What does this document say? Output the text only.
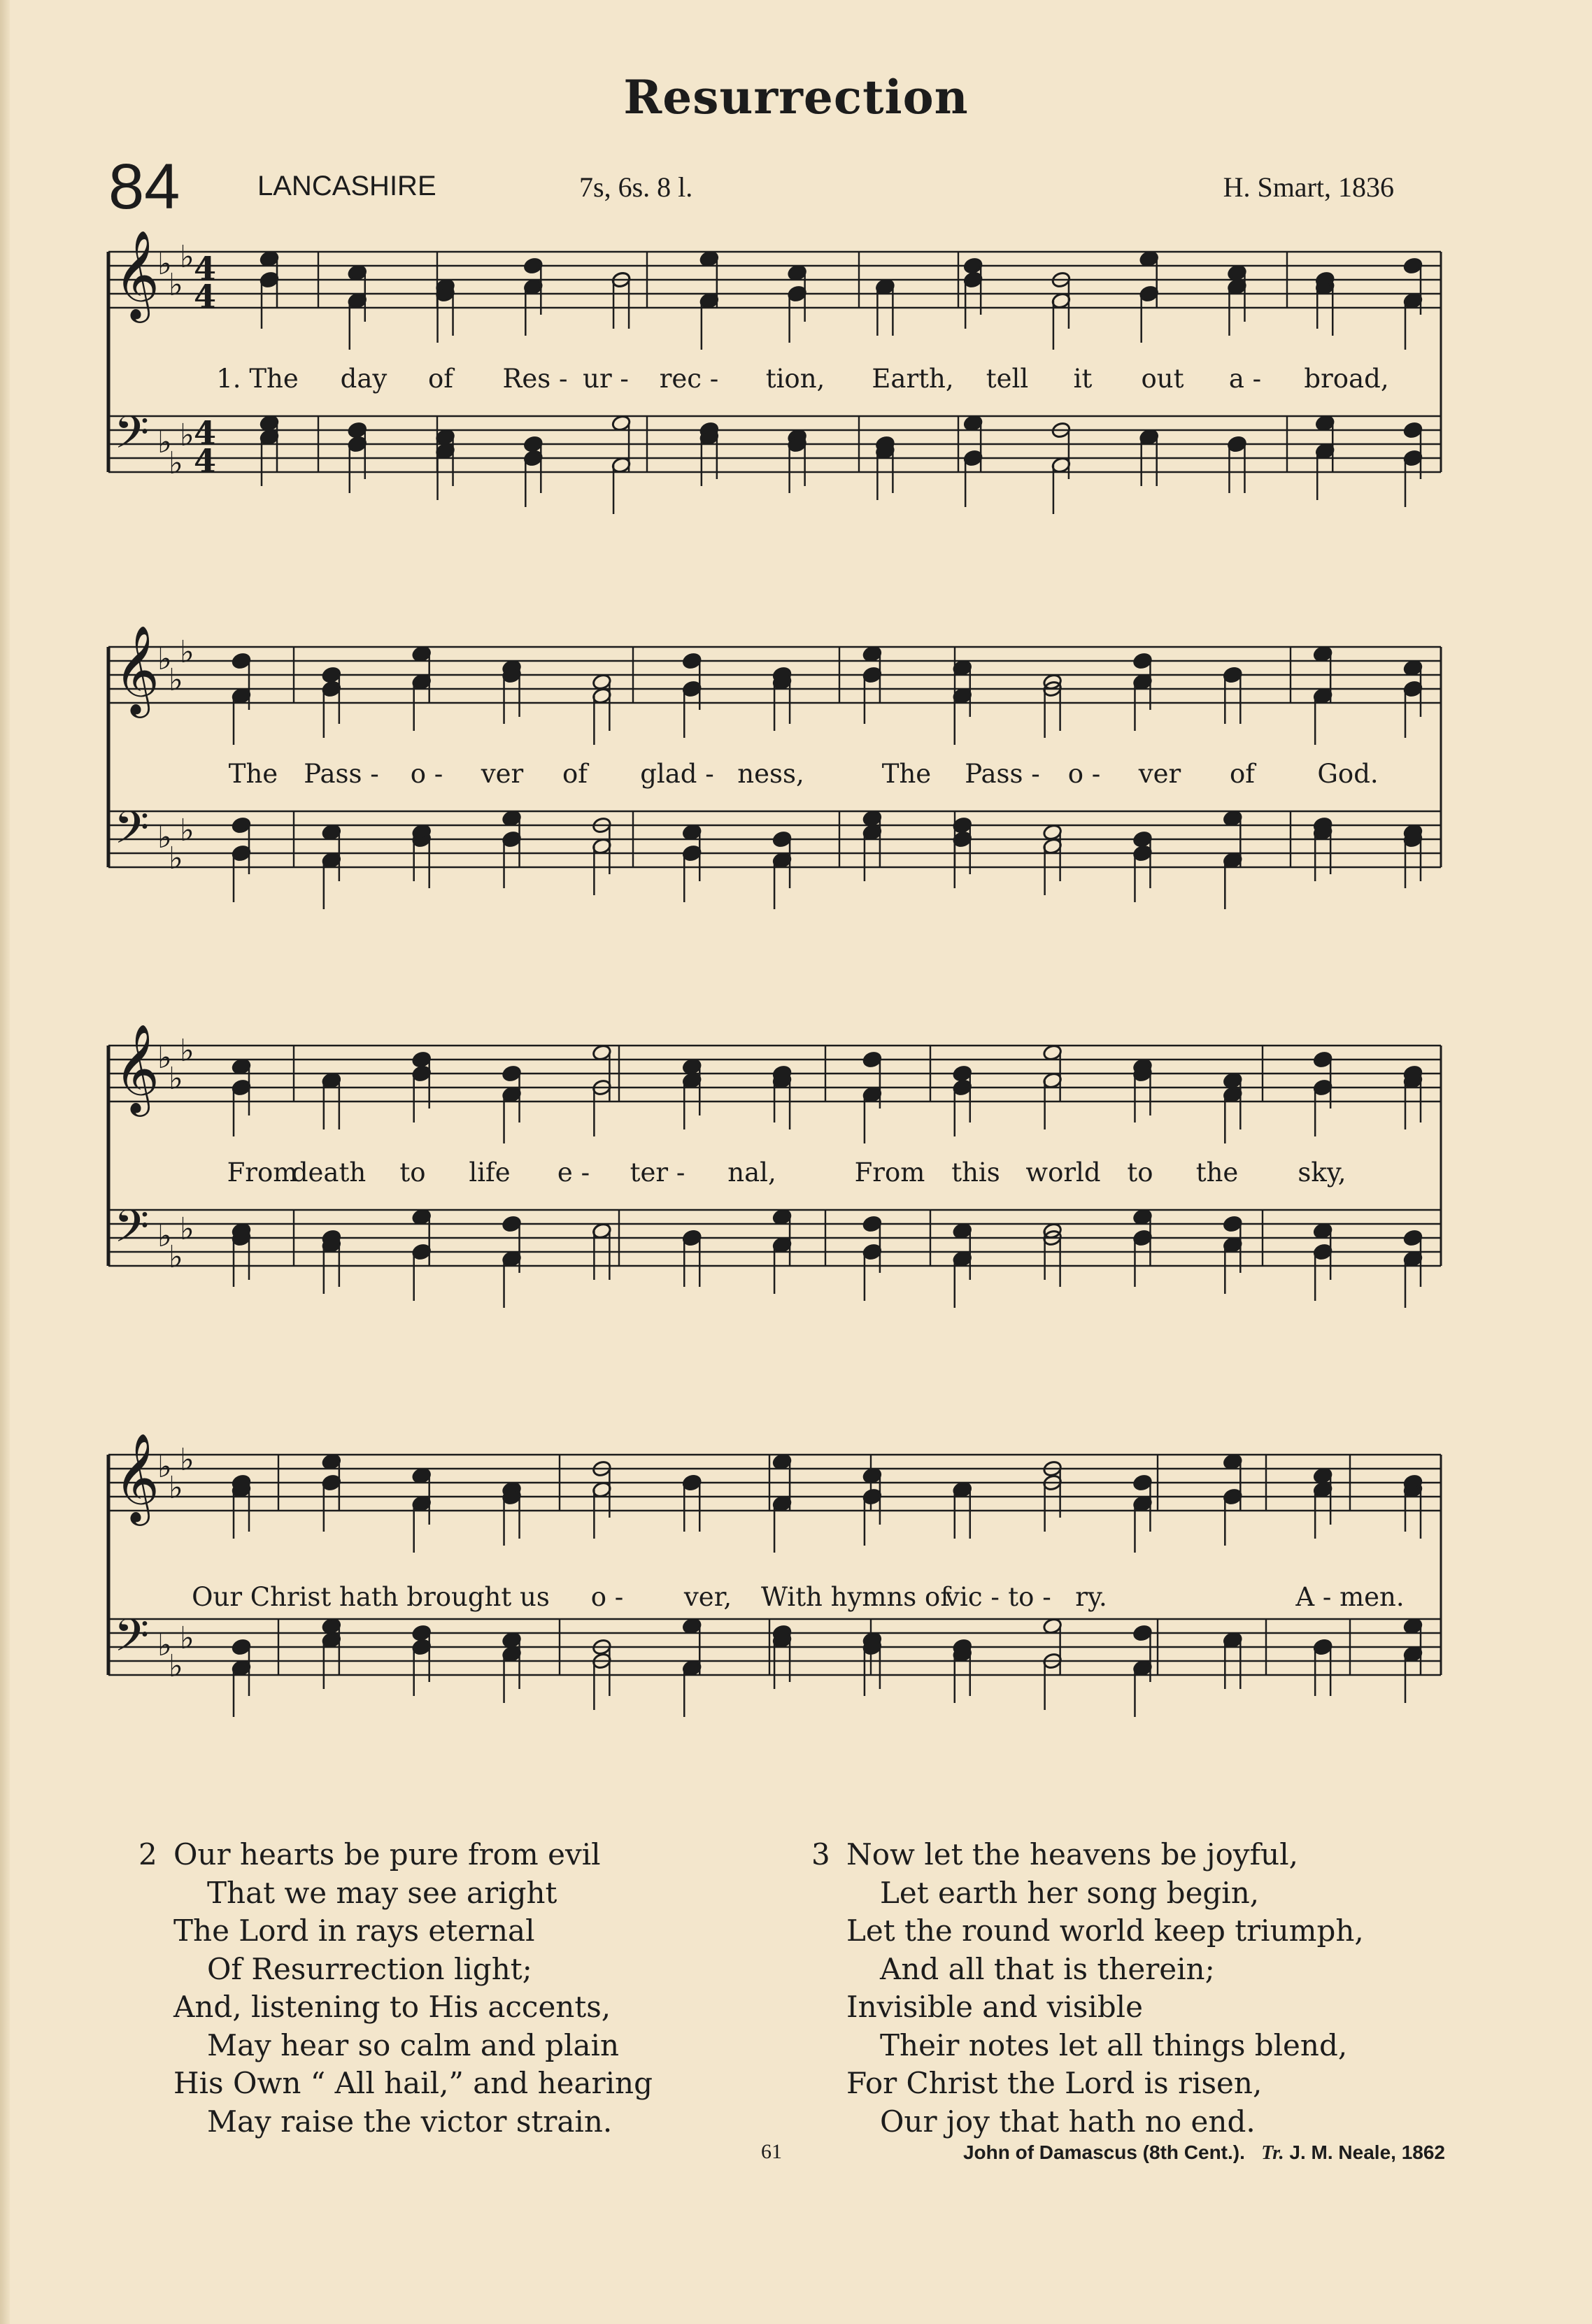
Resurrection
84	LANCASHIRE	7s, 6s. 8 l.	H. Smart, 1836
𝄞
♭
♭
♭ 4
4
𝄢 ♭
♭
♭ 4
4
𝄞
♭
♭
♭
𝄢 ♭
♭
♭
𝄞
♭
♭
♭
𝄢 ♭
♭
♭
𝄞
♭
♭
♭
𝄢 ♭
♭
♭
1. The day of Res - ur - rec - tion, Earth, tell it out a - broad,
The Pass - o - ver of glad - ness,	The Pass - o - ver of God.
From
death to life e - ter - nal,	From this world to the sky,
Our Christ hath brought us o - ver, With hymns of
vic - to - ry.	A - men.
2 Our hearts be pure from evil
That we may see aright
The Lord in rays eternal
Of Resurrection light;
And, listening to His accents,
May hear so calm and plain
His Own “ All hail,” and hearing
May raise the victor strain.
3 Now let the heavens be joyful,
Let earth her song begin,
Let the round world keep triumph,
And all that is therein;
Invisible and visible
Their notes let all things blend,
For Christ the Lord is risen,
Our joy that hath no end.
61	John of Damascus (8th Cent.). Tr. J. M. Neale, 1862
